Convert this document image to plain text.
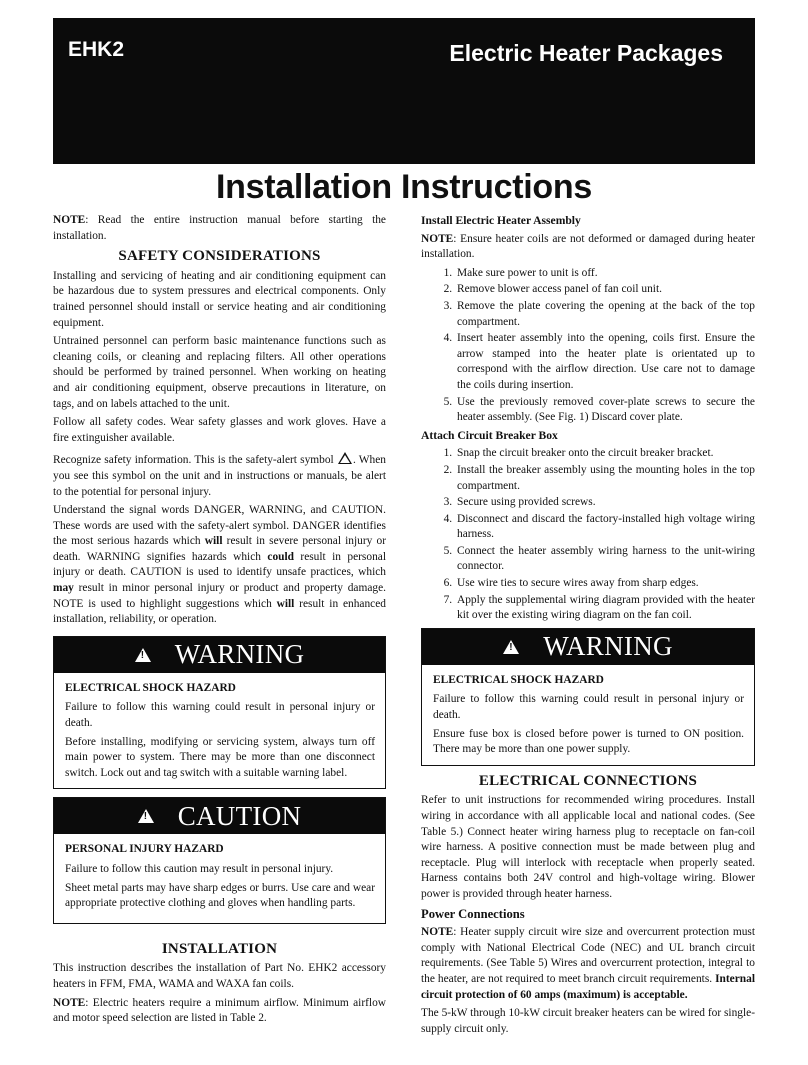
EHK2	Electric Heater Packages
Installation Instructions

NOTE: Read the entire instruction manual before starting the installation.

SAFETY CONSIDERATIONS

Installing and servicing of heating and air conditioning equipment can be hazardous due to system pressures and electrical components. Only trained personnel should install or service heating and air conditioning equipment.

Untrained personnel can perform basic maintenance functions such as cleaning coils, or cleaning and replacing filters. All other operations should be performed by trained personnel. When working on heating and air conditioning equipment, observe precautions in literature, on tags, and on labels attached to the unit.

Follow all safety codes. Wear safety glasses and work gloves. Have a fire extinguisher available.

Recognize safety information. This is the safety-alert symbol . When you see this symbol on the unit and in instructions or manuals, be alert to the potential for personal injury.

Understand the signal words DANGER, WARNING, and CAUTION. These words are used with the safety-alert symbol. DANGER identifies the most serious hazards which will result in severe personal injury or death. WARNING signifies hazards which could result in personal injury or death. CAUTION is used to identify unsafe practices, which may result in minor personal injury or product and property damage. NOTE is used to highlight suggestions which will result in enhanced installation, reliability, or operation.

!
WARNING

ELECTRICAL SHOCK HAZARD

Failure to follow this warning could result in personal injury or death.

Before installing, modifying or servicing system, always turn off main power to system. There may be more than one disconnect switch. Lock out and tag switch with a suitable warning label.

!
CAUTION

PERSONAL INJURY HAZARD

Failure to follow this caution may result in personal injury.

Sheet metal parts may have sharp edges or burrs. Use care and wear appropriate protective clothing and gloves when handling parts.

INSTALLATION

This instruction describes the installation of Part No. EHK2 accessory heaters in FFM, FMA, WAMA and WAXA fan coils.

NOTE: Electric heaters require a minimum airflow. Minimum airflow and motor speed selection are listed in Table 2.

Install Electric Heater Assembly

NOTE: Ensure heater coils are not deformed or damaged during heater installation.

1. Make sure power to unit is off.
2. Remove blower access panel of fan coil unit.
3. Remove the plate covering the opening at the back of the top compartment.
4. Insert heater assembly into the opening, coils first. Ensure the arrow stamped into the heater plate is orientated up to correspond with the airflow direction. Use care not to damage the coils during insertion.
5. Use the previously removed cover-plate screws to secure the heater assembly. (See Fig. 1) Discard cover plate.
Attach Circuit Breaker Box
1. Snap the circuit breaker onto the circuit breaker bracket.
2. Install the breaker assembly using the mounting holes in the top compartment.
3. Secure using provided screws.
4. Disconnect and discard the factory-installed high voltage wiring harness.
5. Connect the heater assembly wiring harness to the unit-wiring connector.
6. Use wire ties to secure wires away from sharp edges.
7. Apply the supplemental wiring diagram provided with the heater kit over the existing wiring diagram on the fan coil.
!
WARNING

ELECTRICAL SHOCK HAZARD

Failure to follow this warning could result in personal injury or death.

Ensure fuse box is closed before power is turned to ON position. There may be more than one power supply.

ELECTRICAL CONNECTIONS

Refer to unit instructions for recommended wiring procedures. Install wiring in accordance with all applicable local and national codes. (See Table 5.) Connect heater wiring harness plug to receptacle on fan-coil wire harness. A positive connection must be made between plug and receptacle. Plug will interlock with receptacle when properly seated. Harness contains both 24V control and high-voltage wiring. Blower power is provided through heater harness.

Power Connections

NOTE: Heater supply circuit wire size and overcurrent protection must comply with National Electrical Code (NEC) and UL branch circuit requirements. (See Table 5) Wires and overcurrent protection, integral to the heater, are not required to meet branch circuit requirements. Internal circuit protection of 60 amps (maximum) is acceptable.

The 5-kW through 10-kW circuit breaker heaters can be wired for single-supply circuit only.
